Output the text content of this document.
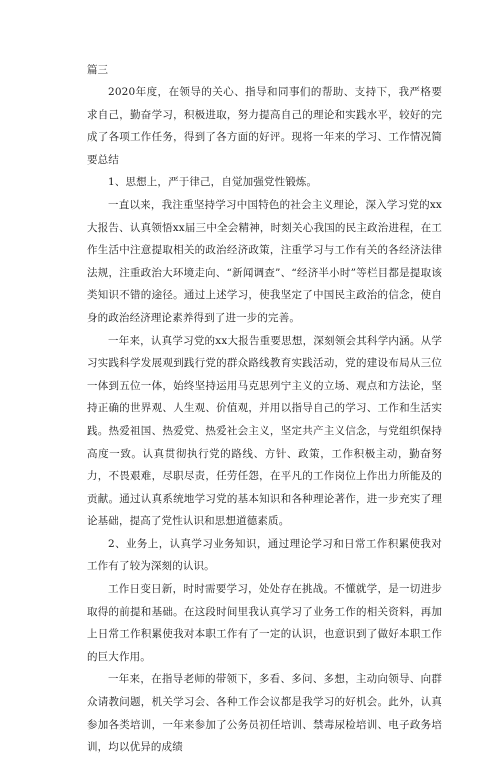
篇三

2020年度，在领导的关心、指导和同事们的帮助、支持下，我严格要求自己，勤奋学习，积极进取，努力提高自己的理论和实践水平，较好的完成了各项工作任务，得到了各方面的好评。现将一年来的学习、工作情况简要总结

1、思想上，严于律己，自觉加强党性锻炼。

一直以来，我注重坚持学习中国特色的社会主义理论，深入学习党的xx大报告、认真领悟xx届三中全会精神，时刻关心我国的民主政治进程，在工作生活中注意提取相关的政治经济政策，注重学习与工作有关的各经济法律法规，注重政治大环境走向、“新闻调查”、“经济半小时”等栏目都是提取该类知识不错的途径。通过上述学习，使我坚定了中国民主政治的信念，使自身的政治经济理论素养得到了进一步的完善。

一年来，认真学习党的xx大报告重要思想，深刻领会其科学内涵。从学习实践科学发展观到践行党的群众路线教育实践活动，党的建设布局从三位一体到五位一体，始终坚持运用马克思列宁主义的立场、观点和方法论，坚持正确的世界观、人生观、价值观，并用以指导自己的学习、工作和生活实践。热爱祖国、热爱党、热爱社会主义，坚定共产主义信念，与党组织保持高度一致。认真贯彻执行党的路线、方针、政策，工作积极主动，勤奋努力，不畏艰难，尽职尽责，任劳任怨，在平凡的工作岗位上作出力所能及的贡献。通过认真系统地学习党的基本知识和各种理论著作，进一步充实了理论基础，提高了党性认识和思想道德素质。

2、业务上，认真学习业务知识，通过理论学习和日常工作积累使我对工作有了较为深刻的认识。

工作日变日新，时时需要学习，处处存在挑战。不懂就学，是一切进步取得的前提和基础。在这段时间里我认真学习了业务工作的相关资料，再加上日常工作积累使我对本职工作有了一定的认识，也意识到了做好本职工作的巨大作用。

一年来，在指导老师的带领下，多看、多问、多想，主动向领导、向群众请教问题，机关学习会、各种工作会议都是我学习的好机会。此外，认真参加各类培训，一年来参加了公务员初任培训、禁毒尿检培训、电子政务培训，均以优异的成绩
